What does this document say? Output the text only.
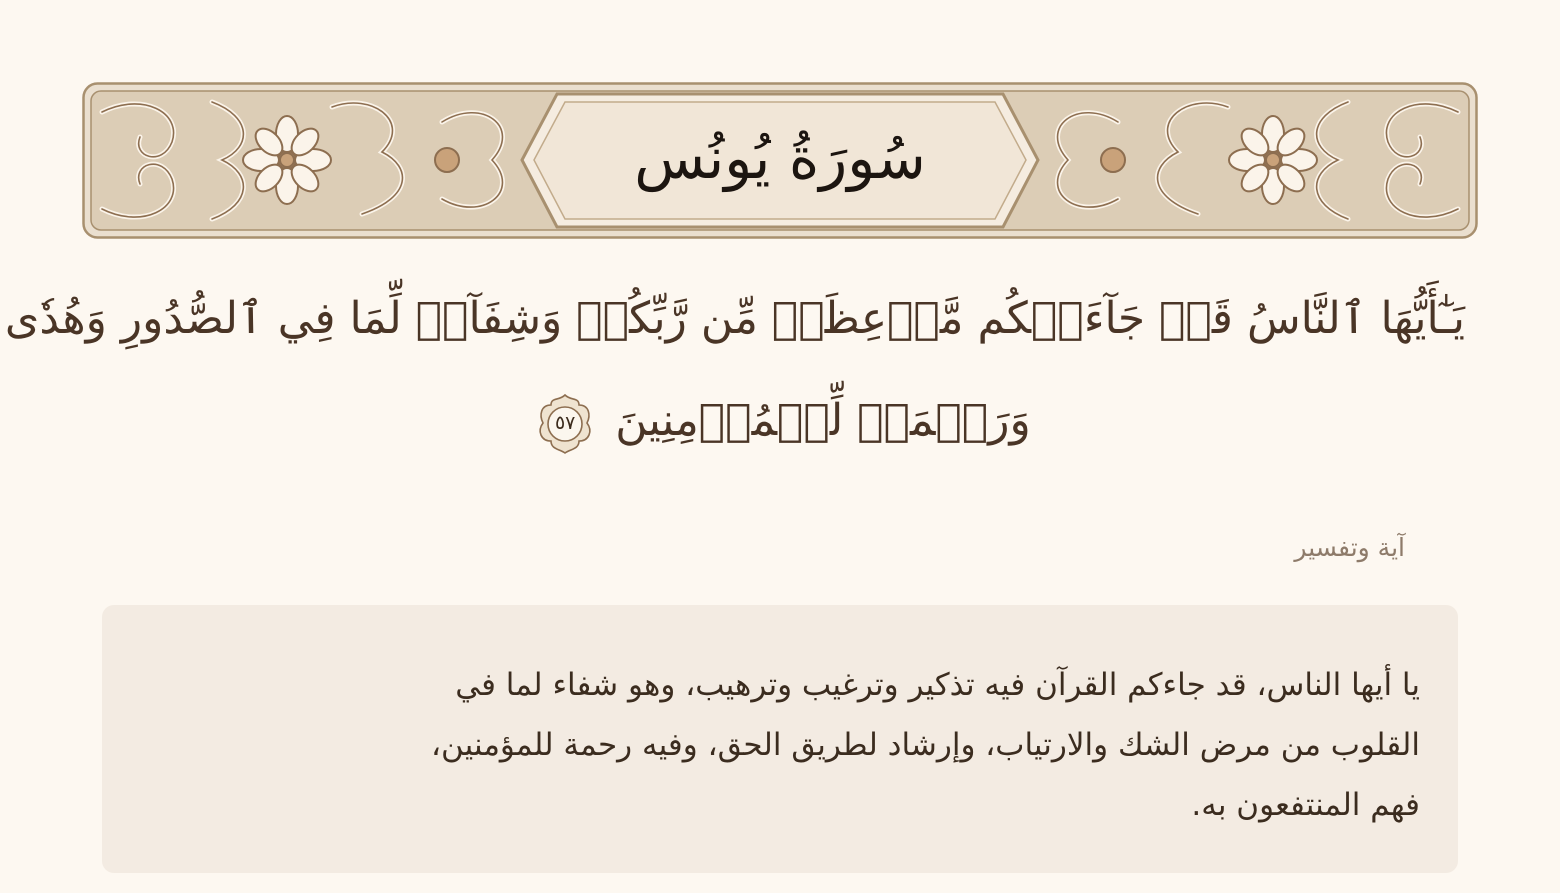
سُورَةُ يُونُس
يَـٰٓأَيُّهَا ٱلنَّاسُ قَدۡ جَآءَتۡكُم مَّوۡعِظَةٞ مِّن رَّبِّكُمۡ وَشِفَآءٞ لِّمَا فِي ٱلصُّدُورِ وَهُدٗى
وَرَحۡمَةٞ لِّلۡمُؤۡمِنِينَ
٥٧
آية وتفسير
يا أيها الناس، قد جاءكم القرآن فيه تذكير وترغيب وترهيب، وهو شفاء لما في
القلوب من مرض الشك والارتياب، وإرشاد لطريق الحق، وفيه رحمة للمؤمنين،
فهم المنتفعون به.
